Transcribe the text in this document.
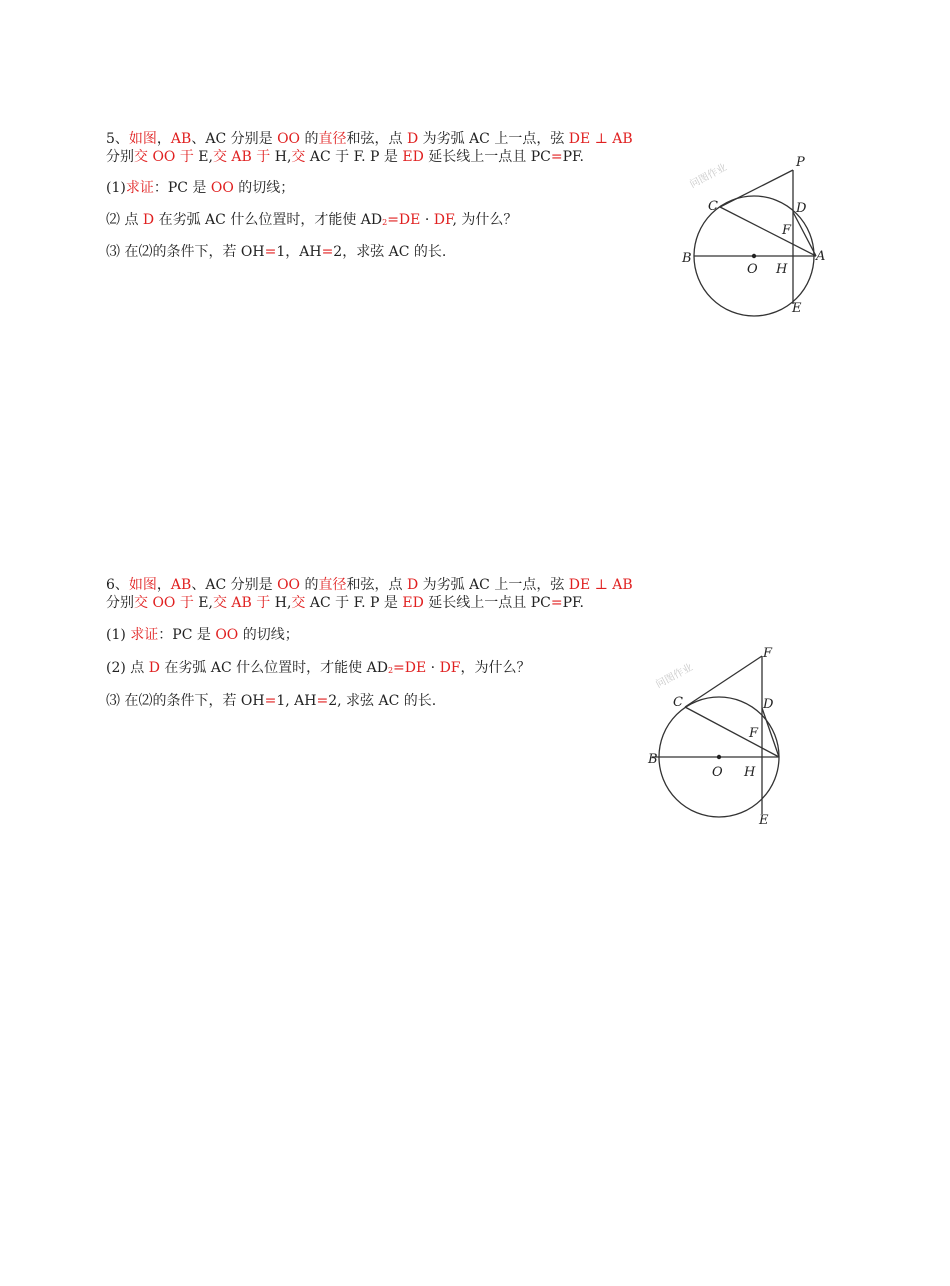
5、如图，AB、AC 分别是 OO 的直径和弦，点 D 为劣弧 AC 上一点，弦 DE ⊥ AB
分别交 OO 于 E,交 AB 于 H,交 AC 于 F. P 是 ED 延长线上一点且 PC=PF.
(1)求证：PC 是 OO 的切线；
⑵ 点 D 在劣弧 AC 什么位置时，才能使 AD2=DE · DF, 为什么？
⑶ 在⑵的条件下，若 OH=1，AH=2，求弦 AC 的长.
问图作业	P
C	D
F
B
O H
A
E
6、如图，AB、AC 分别是 OO 的直径和弦，点 D 为劣弧 AC 上一点，弦 DE ⊥ AB
分别交 OO 于 E,交 AB 于 H,交 AC 于 F. P 是 ED 延长线上一点且 PC=PF.
(1) 求证：PC 是 OO 的切线；
(2) 点 D 在劣弧 AC 什么位置时，才能使 AD2=DE · DF，为什么？
⑶ 在⑵的条件下，若 OH=1, AH=2, 求弦 AC 的长.
问图作业
F
C	D
F
B
O H
E
